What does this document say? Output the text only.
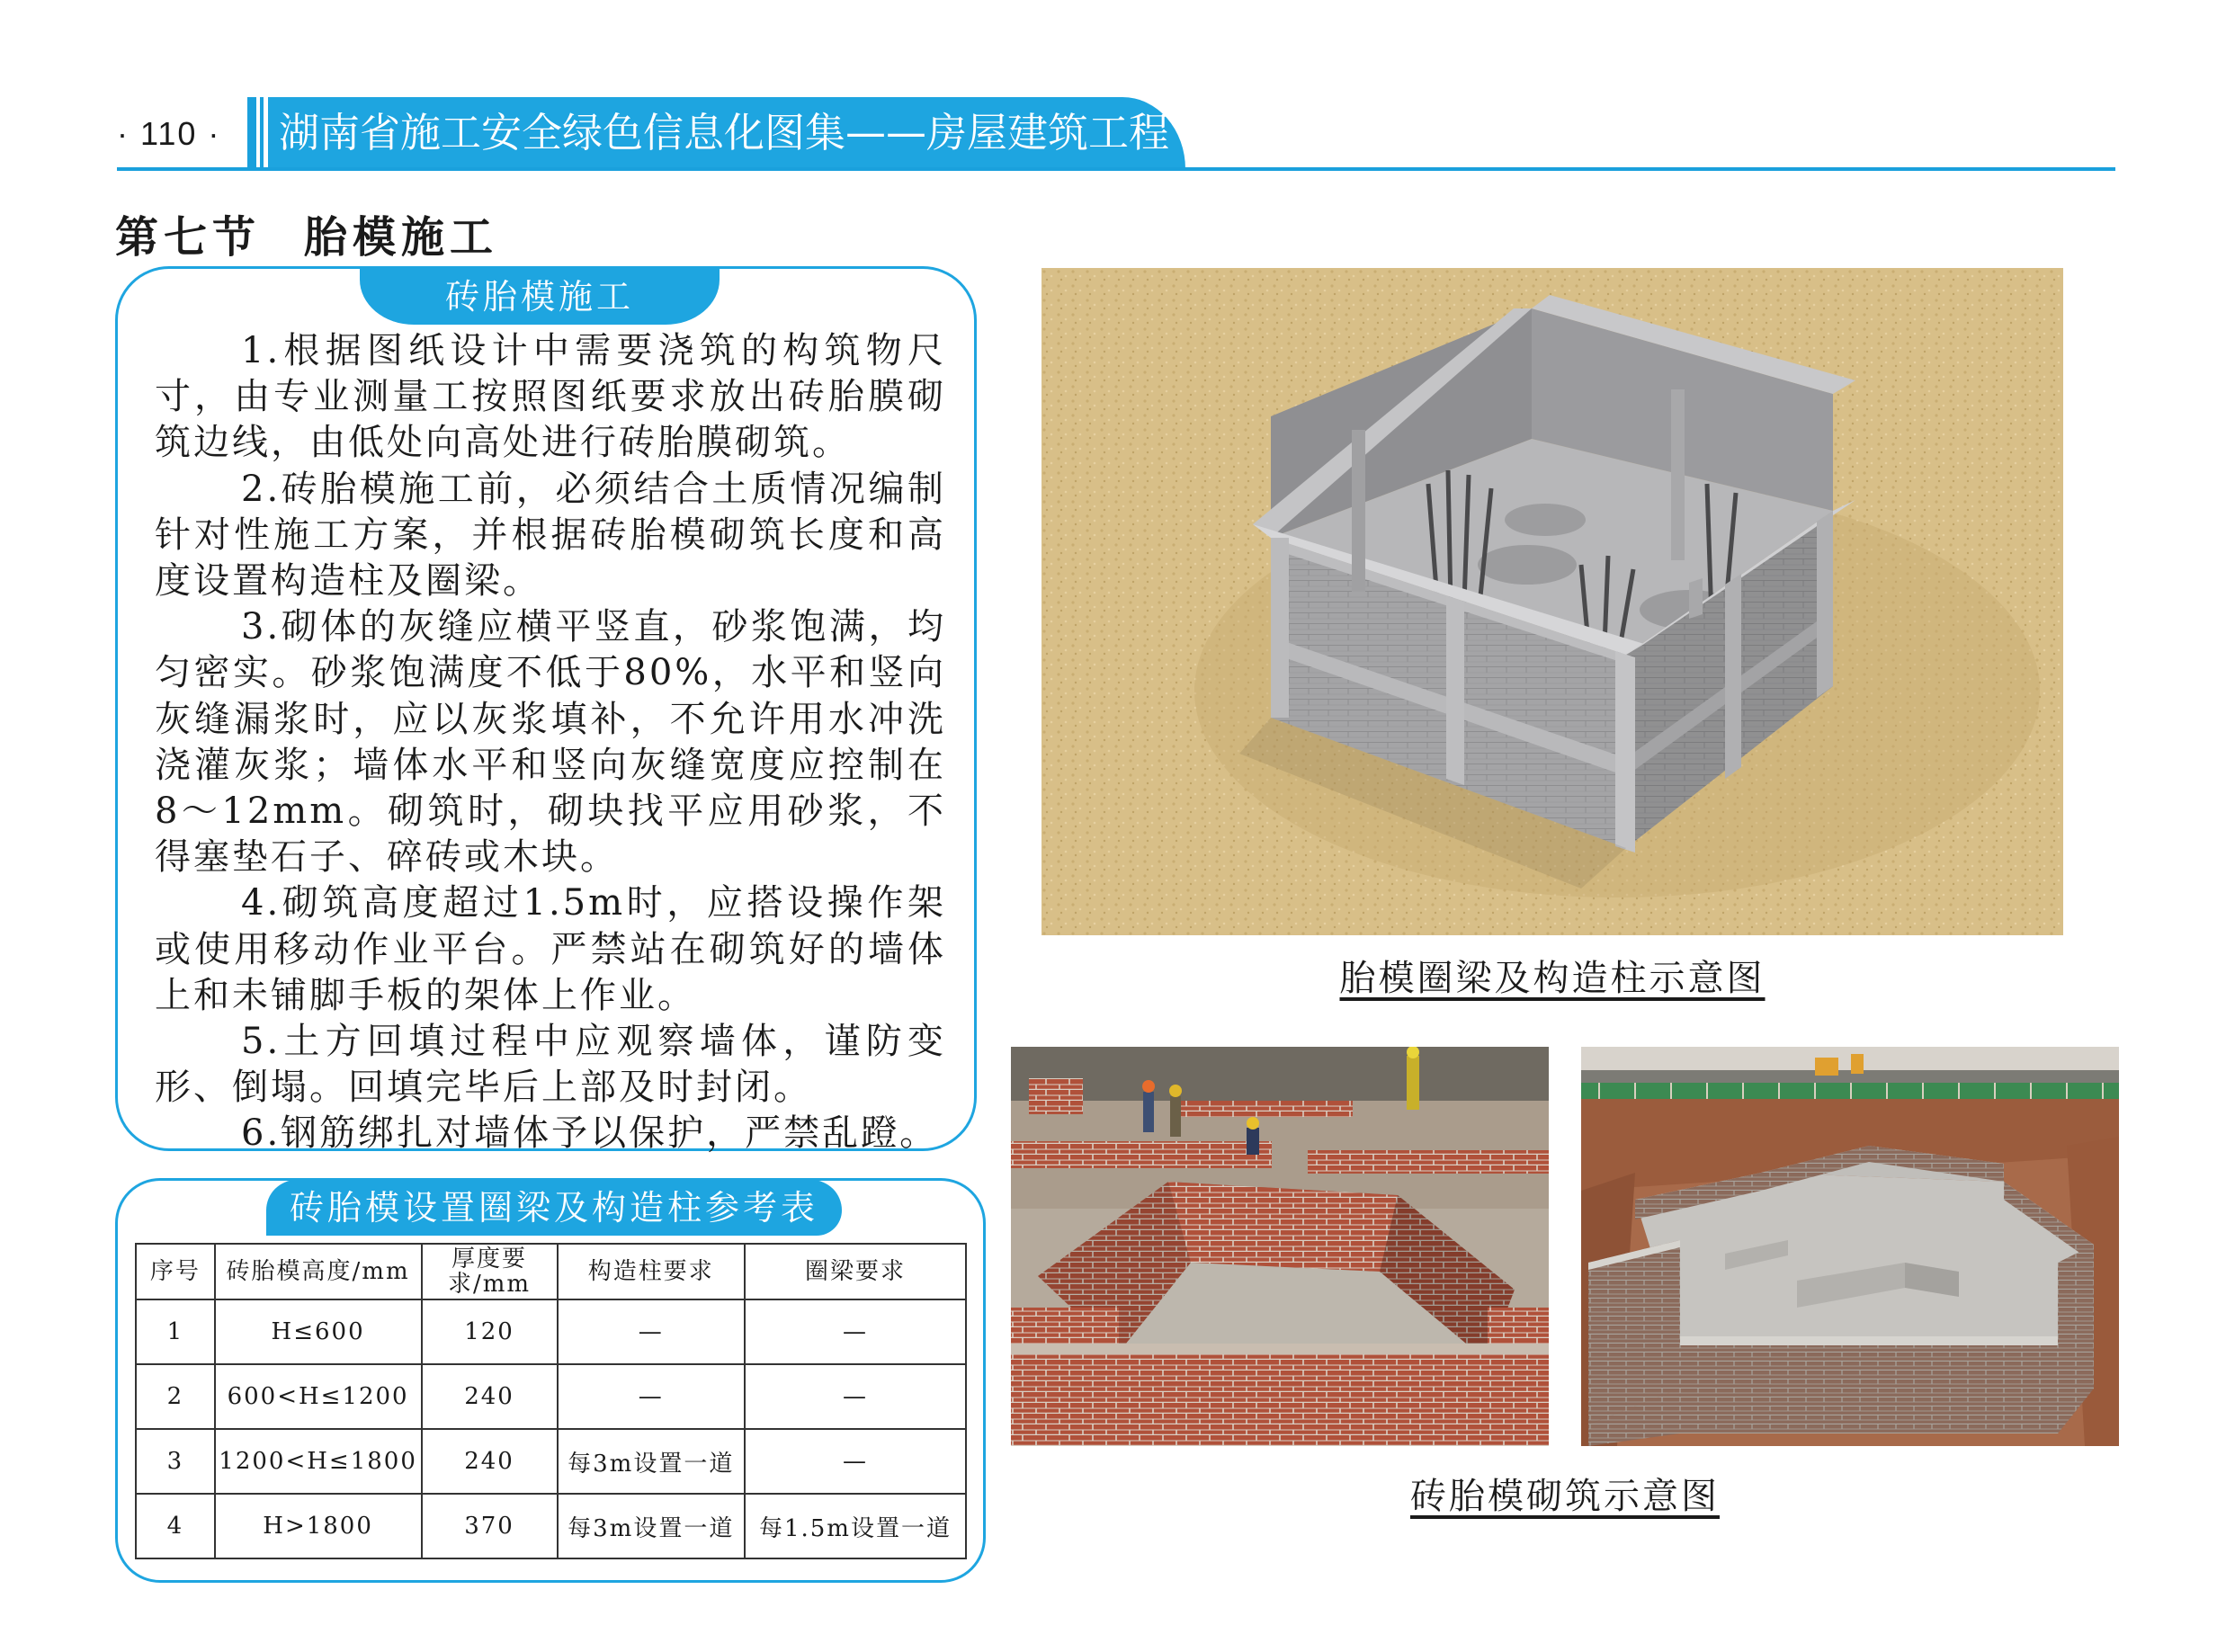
· 110 · 湖南省施工安全绿色信息化图集——房屋建筑工程
第七节 胎模施工
砖胎模施工

1.根据图纸设计中需要浇筑的构筑物尺寸，由专业测量工按照图纸要求放出砖胎膜砌筑边线，由低处向高处进行砖胎膜砌筑。

2.砖胎模施工前，必须结合土质情况编制针对性施工方案，并根据砖胎模砌筑长度和高度设置构造柱及圈梁。

3.砌体的灰缝应横平竖直，砂浆饱满，均匀密实。砂浆饱满度不低于80%，水平和竖向灰缝漏浆时，应以灰浆填补，不允许用水冲洗浇灌灰浆；墙体水平和竖向灰缝宽度应控制在8～12mm。砌筑时，砌块找平应用砂浆，不得塞垫石子、碎砖或木块。

4.砌筑高度超过1.5m时，应搭设操作架或使用移动作业平台。严禁站在砌筑好的墙体上和未铺脚手板的架体上作业。

5.土方回填过程中应观察墙体，谨防变形、倒塌。回填完毕后上部及时封闭。

6.钢筋绑扎对墙体予以保护，严禁乱蹬。

砖胎模设置圈梁及构造柱参考表
序号	砖胎模高度/mm	厚度要求/mm	构造柱要求	圈梁要求
1	H≤600	120	—	—
2	600<H≤1200	240	—	—
3	1200<H≤1800	240	每3m设置一道	—
4	H>1800	370	每3m设置一道	每1.5m设置一道
胎模圈梁及构造柱示意图
砖胎模砌筑示意图
